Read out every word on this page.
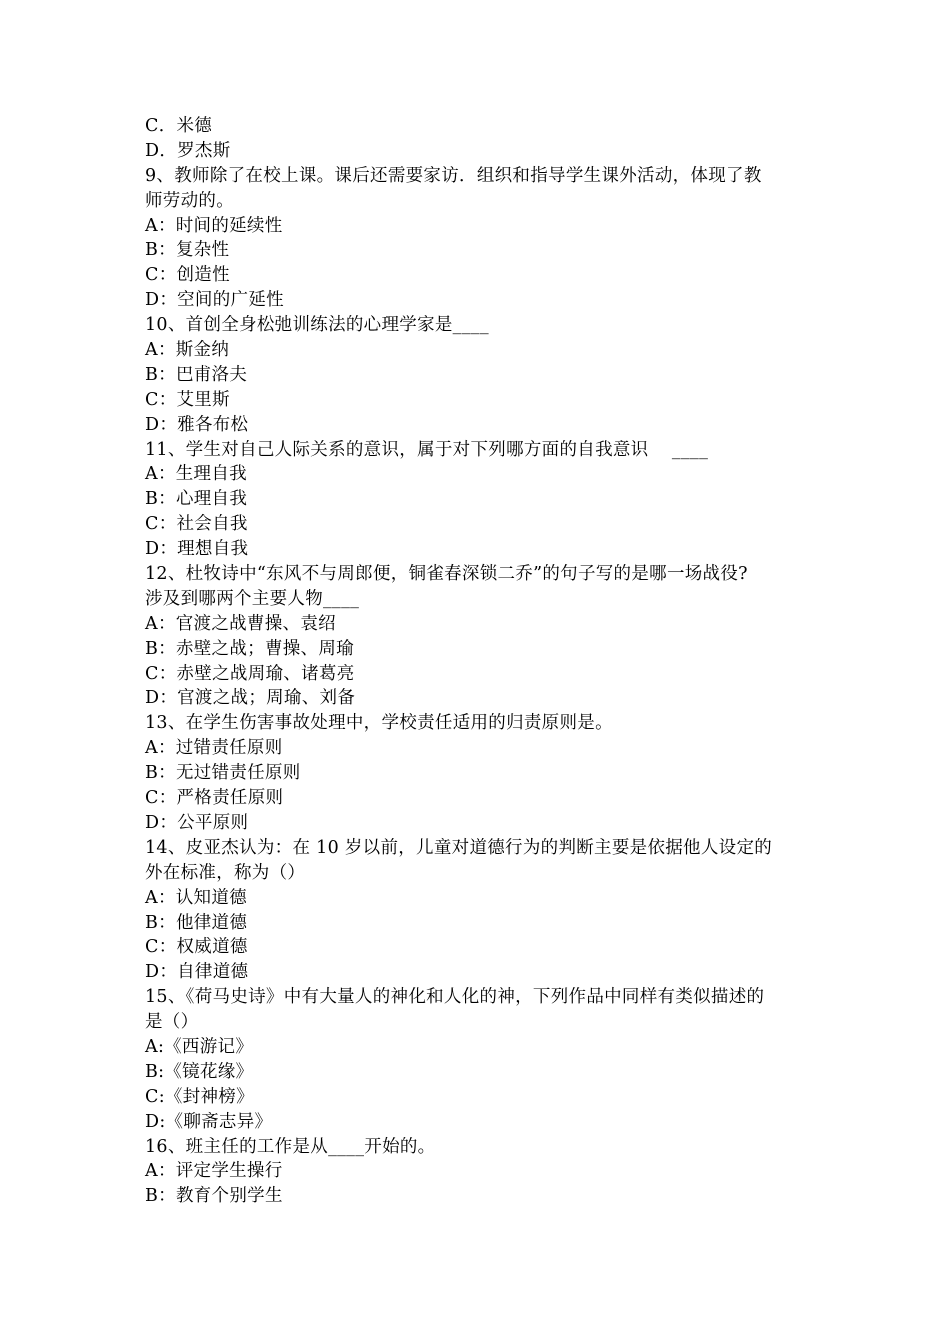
C．米德
D．罗杰斯
9、教师除了在校上课。课后还需要家访．组织和指导学生课外活动，体现了教
师劳动的。
A：时间的延续性
B：复杂性
C：创造性
D：空间的广延性
10、首创全身松弛训练法的心理学家是____
A：斯金纳
B：巴甫洛夫
C：艾里斯
D：雅各布松
11、学生对自己人际关系的意识，属于对下列哪方面的自我意识    ____
A：生理自我
B：心理自我
C：社会自我
D：理想自我
12、杜牧诗中“东风不与周郎便，铜雀春深锁二乔”的句子写的是哪一场战役?
涉及到哪两个主要人物____
A：官渡之战曹操、袁绍
B：赤壁之战；曹操、周瑜
C：赤壁之战周瑜、诸葛亮
D：官渡之战；周瑜、刘备
13、在学生伤害事故处理中，学校责任适用的归责原则是。
A：过错责任原则
B：无过错责任原则
C：严格责任原则
D：公平原则
14、皮亚杰认为：在 10 岁以前，儿童对道德行为的判断主要是依据他人设定的
外在标准，称为（）
A：认知道德
B：他律道德
C：权威道德
D：自律道德
15、《荷马史诗》中有大量人的神化和人化的神，下列作品中同样有类似描述的
是（）
A:《西游记》
B:《镜花缘》
C:《封神榜》
D:《聊斋志异》
16、班主任的工作是从____开始的。
A：评定学生操行
B：教育个别学生
